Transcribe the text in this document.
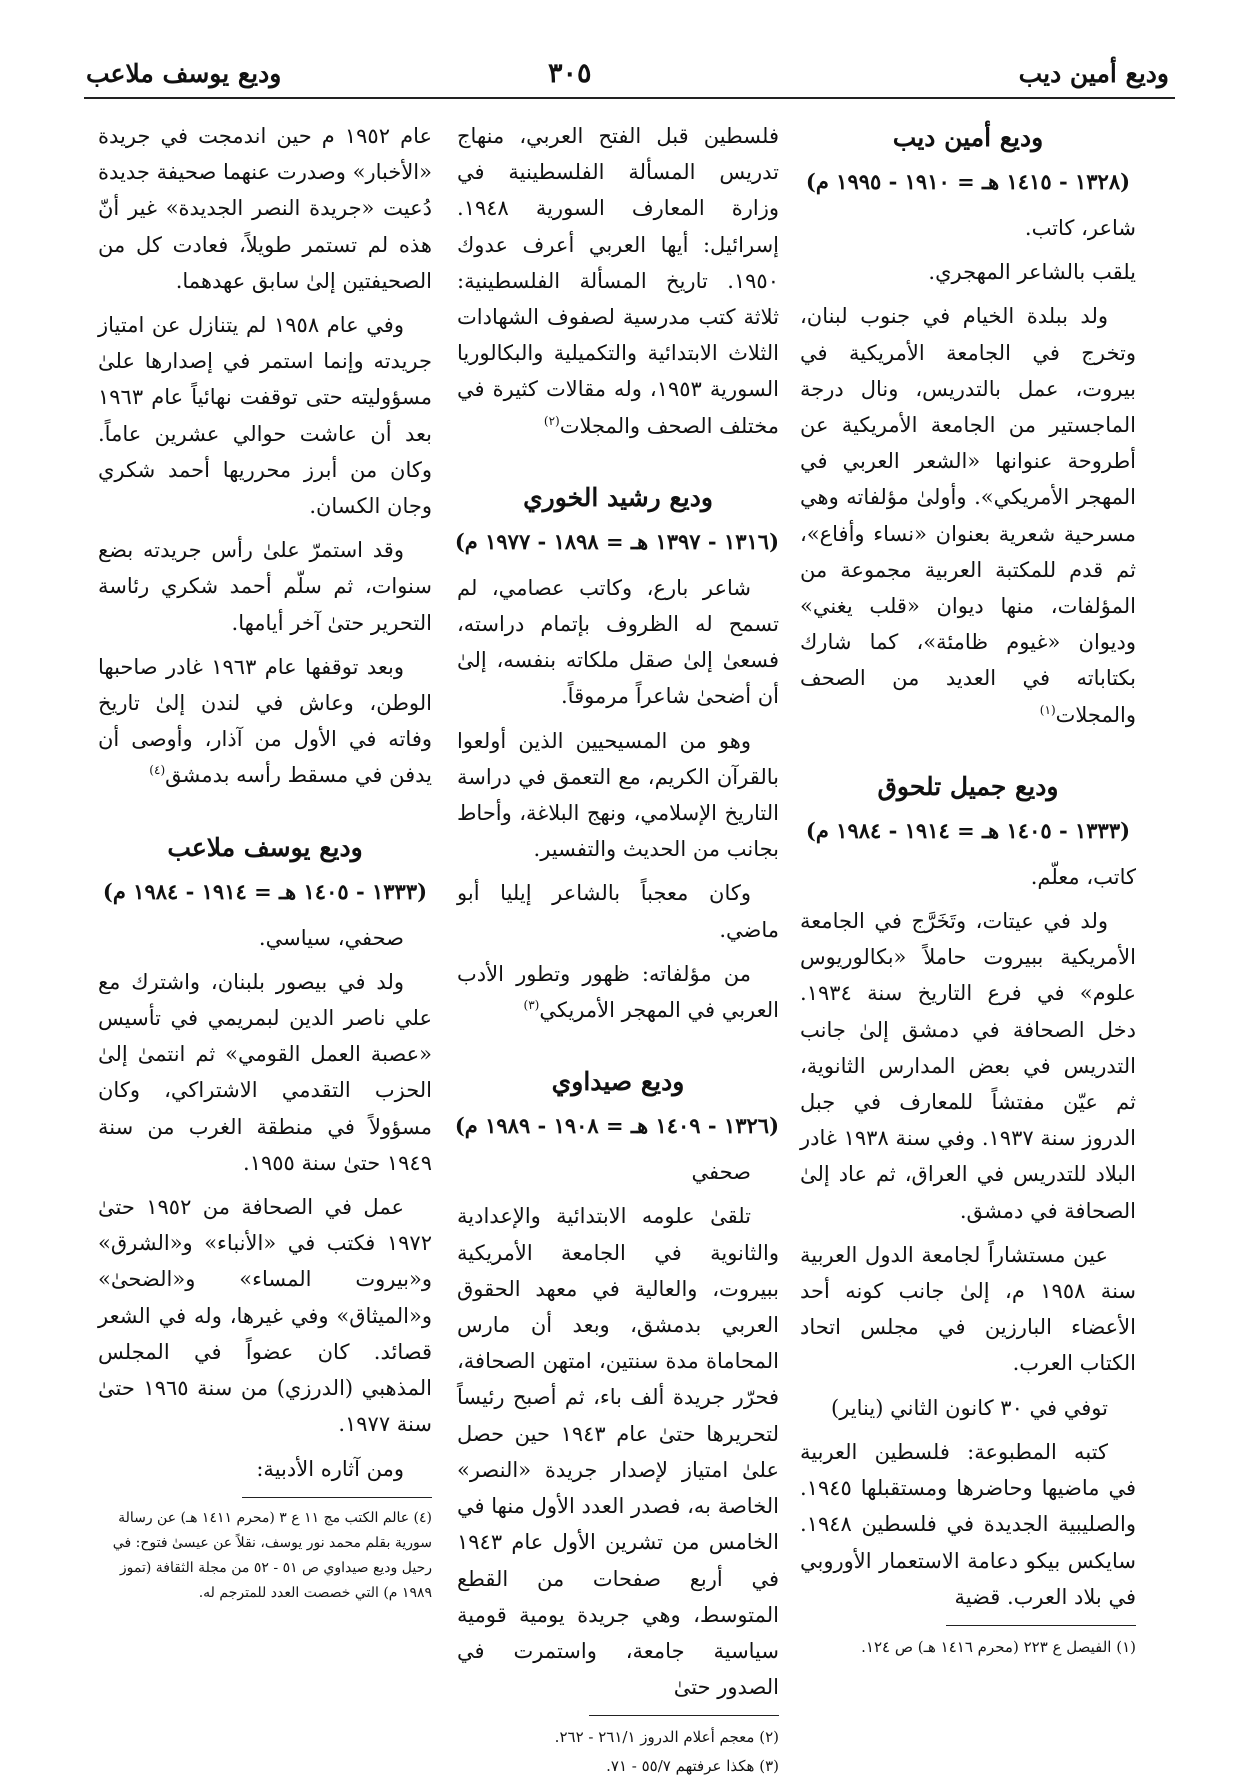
وديع أمين ديب
٣٠٥
وديع يوسف ملاعب
وديع أمين ديب
(١٣٢٨ - ١٤١٥ هـ = ١٩١٠ - ١٩٩٥ م)

شاعر، كاتب.

يلقب بالشاعر المهجري.

ولد ببلدة الخيام في جنوب لبنان، وتخرج في الجامعة الأمريكية في بيروت، عمل بالتدريس، ونال درجة الماجستير من الجامعة الأمريكية عن أطروحة عنوانها «الشعر العربي في المهجر الأمريكي». وأولىٰ مؤلفاته وهي مسرحية شعرية بعنوان «نساء وأفاع»، ثم قدم للمكتبة العربية مجموعة من المؤلفات، منها ديوان «قلب يغني» وديوان «غيوم ظامئة»، كما شارك بكتاباته في العديد من الصحف والمجلات$^{(١)}$

وديع جميل تلحوق
(١٣٣٣ - ١٤٠٥ هـ = ١٩١٤ - ١٩٨٤ م)

كاتب، معلّم.

ولد في عيتات، وتَخَرَّج في الجامعة الأمريكية ببيروت حاملاً «بكالوريوس علوم» في فرع التاريخ سنة ١٩٣٤. دخل الصحافة في دمشق إلىٰ جانب التدريس في بعض المدارس الثانوية، ثم عيّن مفتشاً للمعارف في جبل الدروز سنة ١٩٣٧. وفي سنة ١٩٣٨ غادر البلاد للتدريس في العراق، ثم عاد إلىٰ الصحافة في دمشق.

عين مستشاراً لجامعة الدول العربية سنة ١٩٥٨ م، إلىٰ جانب كونه أحد الأعضاء البارزين في مجلس اتحاد الكتاب العرب.

توفي في ٣٠ كانون الثاني (يناير)

كتبه المطبوعة: فلسطين العربية في ماضيها وحاضرها ومستقبلها ١٩٤٥. والصليبية الجديدة في فلسطين ١٩٤٨. سايكس بيكو دعامة الاستعمار الأوروبي في بلاد العرب. قضية

(١) الفيصل ع ٢٢٣ (محرم ١٤١٦ هـ) ص ١٢٤.

فلسطين قبل الفتح العربي، منهاج تدريس المسألة الفلسطينية في وزارة المعارف السورية ١٩٤٨. إسرائيل: أيها العربي أعرف عدوك ١٩٥٠. تاريخ المسألة الفلسطينية: ثلاثة كتب مدرسية لصفوف الشهادات الثلاث الابتدائية والتكميلية والبكالوريا السورية ١٩٥٣، وله مقالات كثيرة في مختلف الصحف والمجلات$^{(٢)}$

وديع رشيد الخوري
(١٣١٦ - ١٣٩٧ هـ = ١٨٩٨ - ١٩٧٧ م)

شاعر بارع، وكاتب عصامي، لم تسمح له الظروف بإتمام دراسته، فسعىٰ إلىٰ صقل ملكاته بنفسه، إلىٰ أن أضحىٰ شاعراً مرموقاً.

وهو من المسيحيين الذين أولعوا بالقرآن الكريم، مع التعمق في دراسة التاريخ الإسلامي، ونهج البلاغة، وأحاط بجانب من الحديث والتفسير.

وكان معجباً بالشاعر إيليا أبو ماضي.

من مؤلفاته: ظهور وتطور الأدب العربي في المهجر الأمريكي$^{(٣)}$

وديع صيداوي
(١٣٢٦ - ١٤٠٩ هـ = ١٩٠٨ - ١٩٨٩ م)

صحفي

تلقىٰ علومه الابتدائية والإعدادية والثانوية في الجامعة الأمريكية ببيروت، والعالية في معهد الحقوق العربي بدمشق، وبعد أن مارس المحاماة مدة سنتين، امتهن الصحافة، فحرّر جريدة ألف باء، ثم أصبح رئيساً لتحريرها حتىٰ عام ١٩٤٣ حين حصل علىٰ امتياز لإصدار جريدة «النصر» الخاصة به، فصدر العدد الأول منها في الخامس من تشرين الأول عام ١٩٤٣ في أربع صفحات من القطع المتوسط، وهي جريدة يومية قومية سياسية جامعة، واستمرت في الصدور حتىٰ

(٢) معجم أعلام الدروز ٢٦١/١ - ٢٦٢.

(٣) هكذا عرفتهم ٥٥/٧ - ٧١.

عام ١٩٥٢ م حين اندمجت في جريدة «الأخبار» وصدرت عنهما صحيفة جديدة دُعيت «جريدة النصر الجديدة» غير أنّ هذه لم تستمر طويلاً، فعادت كل من الصحيفتين إلىٰ سابق عهدهما.

وفي عام ١٩٥٨ لم يتنازل عن امتياز جريدته وإنما استمر في إصدارها علىٰ مسؤوليته حتى توقفت نهائياً عام ١٩٦٣ بعد أن عاشت حوالي عشرين عاماً. وكان من أبرز محرريها أحمد شكري وجان الكسان.

وقد استمرّ علىٰ رأس جريدته بضع سنوات، ثم سلّم أحمد شكري رئاسة التحرير حتىٰ آخر أيامها.

وبعد توقفها عام ١٩٦٣ غادر صاحبها الوطن، وعاش في لندن إلىٰ تاريخ وفاته في الأول من آذار، وأوصى أن يدفن في مسقط رأسه بدمشق$^{(٤)}$

وديع يوسف ملاعب
(١٣٣٣ - ١٤٠٥ هـ = ١٩١٤ - ١٩٨٤ م)

صحفي، سياسي.

ولد في بيصور بلبنان، واشترك مع علي ناصر الدين لبمريمي في تأسيس «عصبة العمل القومي» ثم انتمىٰ إلىٰ الحزب التقدمي الاشتراكي، وكان مسؤولاً في منطقة الغرب من سنة ١٩٤٩ حتىٰ سنة ١٩٥٥.

عمل في الصحافة من ١٩٥٢ حتىٰ ١٩٧٢ فكتب في «الأنباء» و«الشرق» و«بيروت المساء» و«الضحىٰ» و«الميثاق» وفي غيرها، وله في الشعر قصائد. كان عضواً في المجلس المذهبي (الدرزي) من سنة ١٩٦٥ حتىٰ سنة ١٩٧٧.

ومن آثاره الأدبية:

(٤) عالم الكتب مج ١١ ع ٣ (محرم ١٤١١ هـ) عن رسالة سورية بقلم محمد نور يوسف، نقلاً عن عيسىٰ فتوح: في رحيل وديع صيداوي ص ٥١ - ٥٢ من مجلة الثقافة (تموز ١٩٨٩ م) التي خصصت العدد للمترجم له.
